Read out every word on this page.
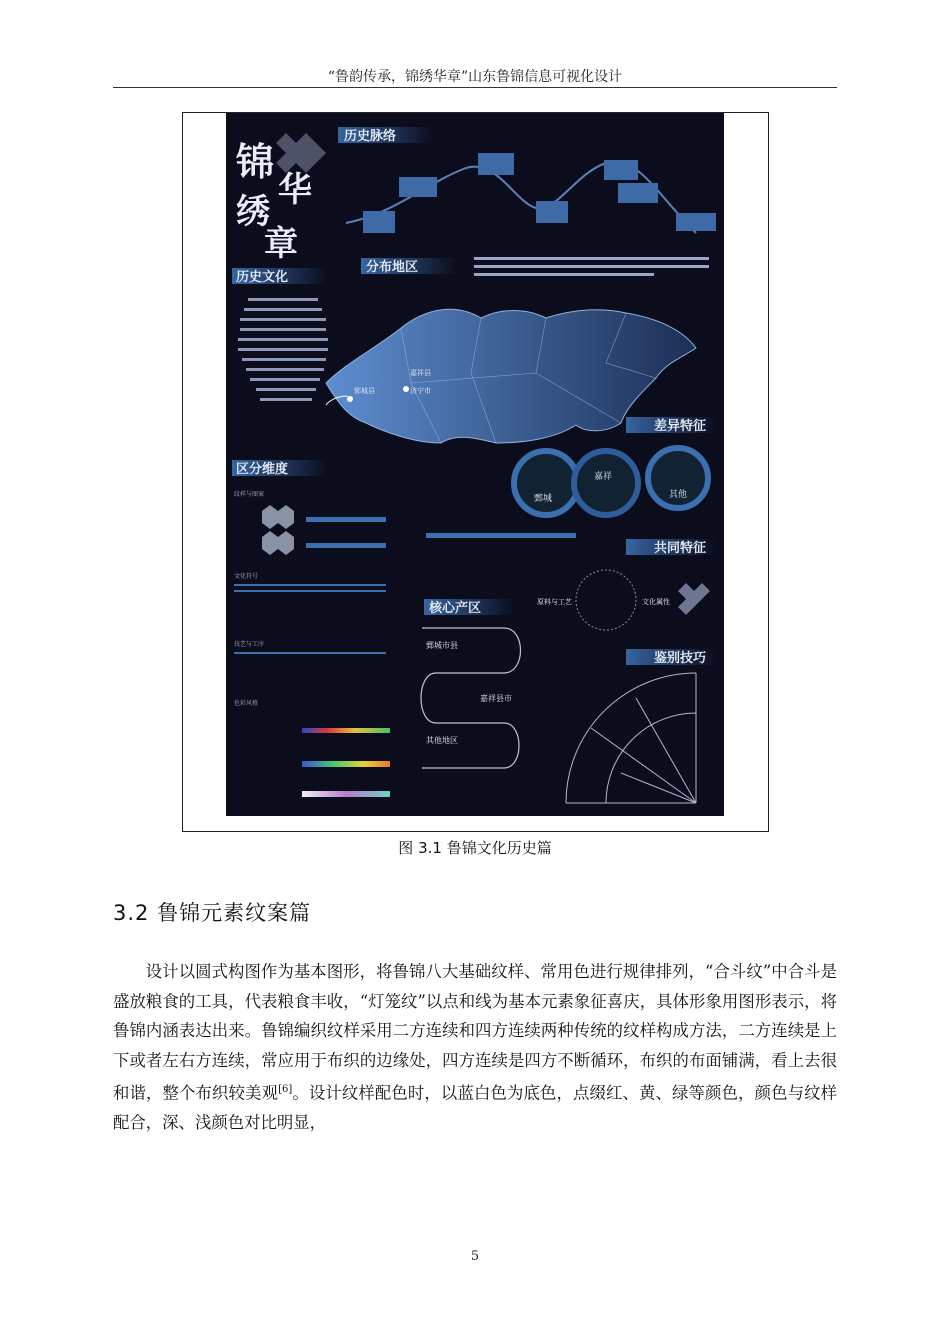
“鲁韵传承，锦绣华章”山东鲁锦信息可视化设计
锦
华
绣
章
历史脉络
历史文化
分布地区
鄄城县
嘉祥县
济宁市
差异特征
鄄城
嘉祥
其他
区分维度
纹样与图案
文化符号
技艺与工序
色彩风格
共同特征
原料与工艺	文化属性
核心产区
鄄城市县
嘉祥县市
其他地区
鉴别技巧
图 3.1 鲁锦文化历史篇
3.2 鲁锦元素纹案篇

设计以圆式构图作为基本图形，将鲁锦八大基础纹样、常用色进行规律排列，“合斗纹”中合斗是盛放粮食的工具，代表粮食丰收，“灯笼纹”以点和线为基本元素象征喜庆，具体形象用图形表示，将鲁锦内涵表达出来。鲁锦编织纹样采用二方连续和四方连续两种传统的纹样构成方法，二方连续是上下或者左右方连续，常应用于布织的边缘处，四方连续是四方不断循环，布织的布面铺满，看上去很和谐，整个布织较美观[6]。设计纹样配色时，以蓝白色为底色，点缀红、黄、绿等颜色，颜色与纹样配合，深、浅颜色对比明显，

5
